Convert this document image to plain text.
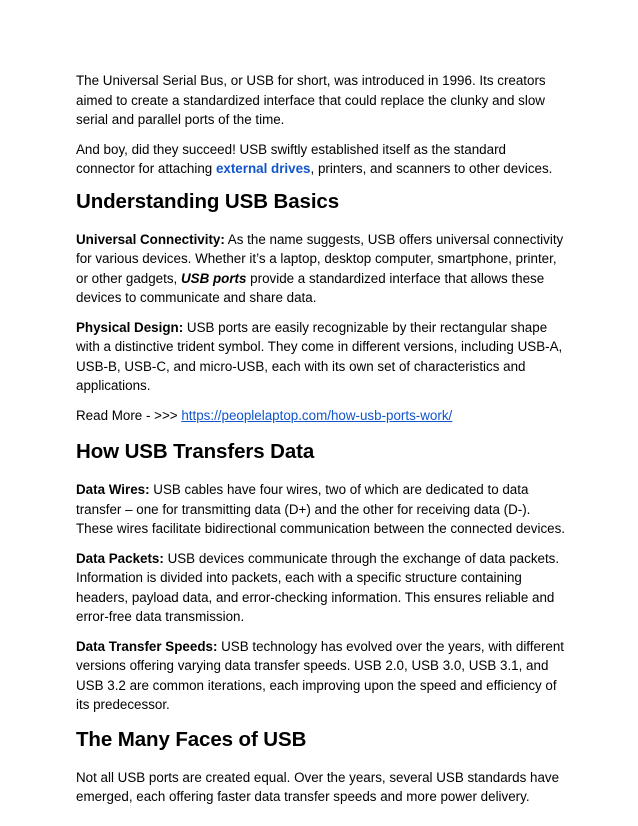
The Universal Serial Bus, or USB for short, was introduced in 1996. Its creators aimed to create a standardized interface that could replace the clunky and slow serial and parallel ports of the time.

And boy, did they succeed! USB swiftly established itself as the standard connector for attaching external drives, printers, and scanners to other devices.

Understanding USB Basics

Universal Connectivity: As the name suggests, USB offers universal connectivity for various devices. Whether it’s a laptop, desktop computer, smartphone, printer, or other gadgets, USB ports provide a standardized interface that allows these devices to communicate and share data.

Physical Design: USB ports are easily recognizable by their rectangular shape with a distinctive trident symbol. They come in different versions, including USB-A, USB-B, USB-C, and micro-USB, each with its own set of characteristics and applications.

Read More - >>> https://peoplelaptop.com/how-usb-ports-work/

How USB Transfers Data

Data Wires: USB cables have four wires, two of which are dedicated to data transfer – one for transmitting data (D+) and the other for receiving data (D-). These wires facilitate bidirectional communication between the connected devices.

Data Packets: USB devices communicate through the exchange of data packets. Information is divided into packets, each with a specific structure containing headers, payload data, and error-checking information. This ensures reliable and error-free data transmission.

Data Transfer Speeds: USB technology has evolved over the years, with different versions offering varying data transfer speeds. USB 2.0, USB 3.0, USB 3.1, and USB 3.2 are common iterations, each improving upon the speed and efficiency of its predecessor.

The Many Faces of USB

Not all USB ports are created equal. Over the years, several USB standards have emerged, each offering faster data transfer speeds and more power delivery.
